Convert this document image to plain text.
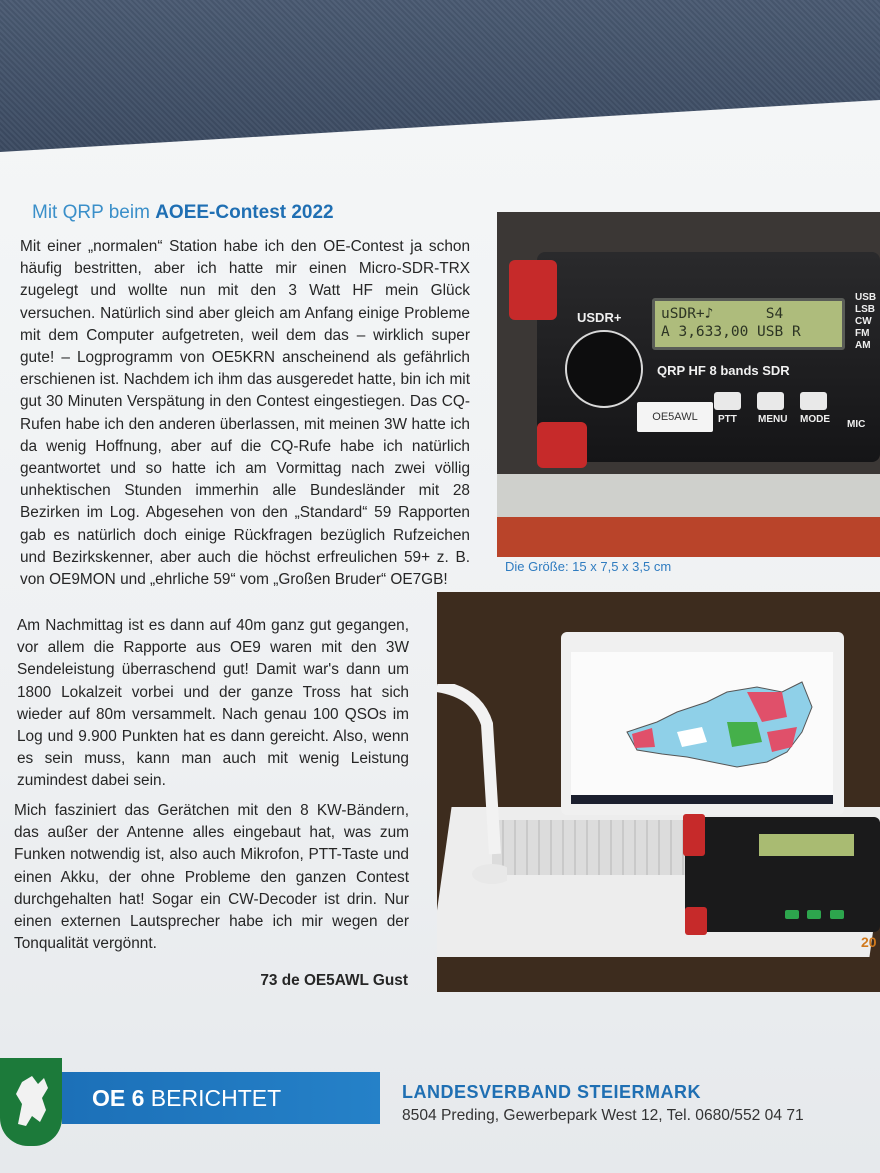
Mit QRP beim AOEE-Contest 2022

Mit einer „normalen“ Station habe ich den OE-Contest ja schon häufig bestritten, aber ich hatte mir einen Micro-SDR-TRX zugelegt und wollte nun mit den 3 Watt HF mein Glück versuchen. Natürlich sind aber gleich am Anfang einige Probleme mit dem Computer aufgetreten, weil dem das – wirklich super gute! – Logprogramm von OE5KRN anscheinend als gefährlich erschienen ist. Nachdem ich ihm das ausgeredet hatte, bin ich mit gut 30 Minuten Verspätung in den Contest eingestiegen. Das CQ-Rufen habe ich den anderen überlassen, mit meinen 3W hatte ich da wenig Hoffnung, aber auf die CQ-Rufe habe ich natürlich geantwortet und so hatte ich am Vormittag nach zwei völlig unhektischen Stunden immerhin alle Bundesländer mit 28 Bezirken im Log. Abgesehen von den „Standard“ 59 Rapporten gab es natürlich doch einige Rückfragen bezüglich Rufzeichen und Bezirkskenner, aber auch die höchst erfreulichen 59+ z. B. von OE9MON und „ehrliche 59“ vom „Großen Bruder“ OE7GB!

Am Nachmittag ist es dann auf 40m ganz gut gegangen, vor allem die Rapporte aus OE9 waren mit den 3W Sendeleistung überraschend gut! Damit war's dann um 1800 Lokalzeit vorbei und der ganze Tross hat sich wieder auf 80m versammelt. Nach genau 100 QSOs im Log und 9.900 Punkten hat es dann gereicht. Also, wenn es sein muss, kann man auch mit wenig Leistung zumindest dabei sein.

Mich fasziniert das Gerätchen mit den 8 KW-Bändern, das außer der Antenne alles eingebaut hat, was zum Funken notwendig ist, also auch Mikrofon, PTT-Taste und einen Akku, der ohne Probleme den ganzen Contest durchgehalten hat! Sogar ein CW-Decoder ist drin. Nur einen externen Lautsprecher habe ich mir wegen der Tonqualität vergönnt.

73 de OE5AWL Gust
USDR+	uSDR+♪      S4
A 3,633,00 USB R
USB
LSB
CW
FM
AM
QRP HF 8 bands SDR
OE5AWL	PTT MENU MODE MIC
Die Größe: 15 x 7,5 x 3,5 cm
20
OE 6 BERICHTET	LANDESVERBAND STEIERMARK
8504 Preding, Gewerbepark West 12, Tel. 0680/552 04 71
